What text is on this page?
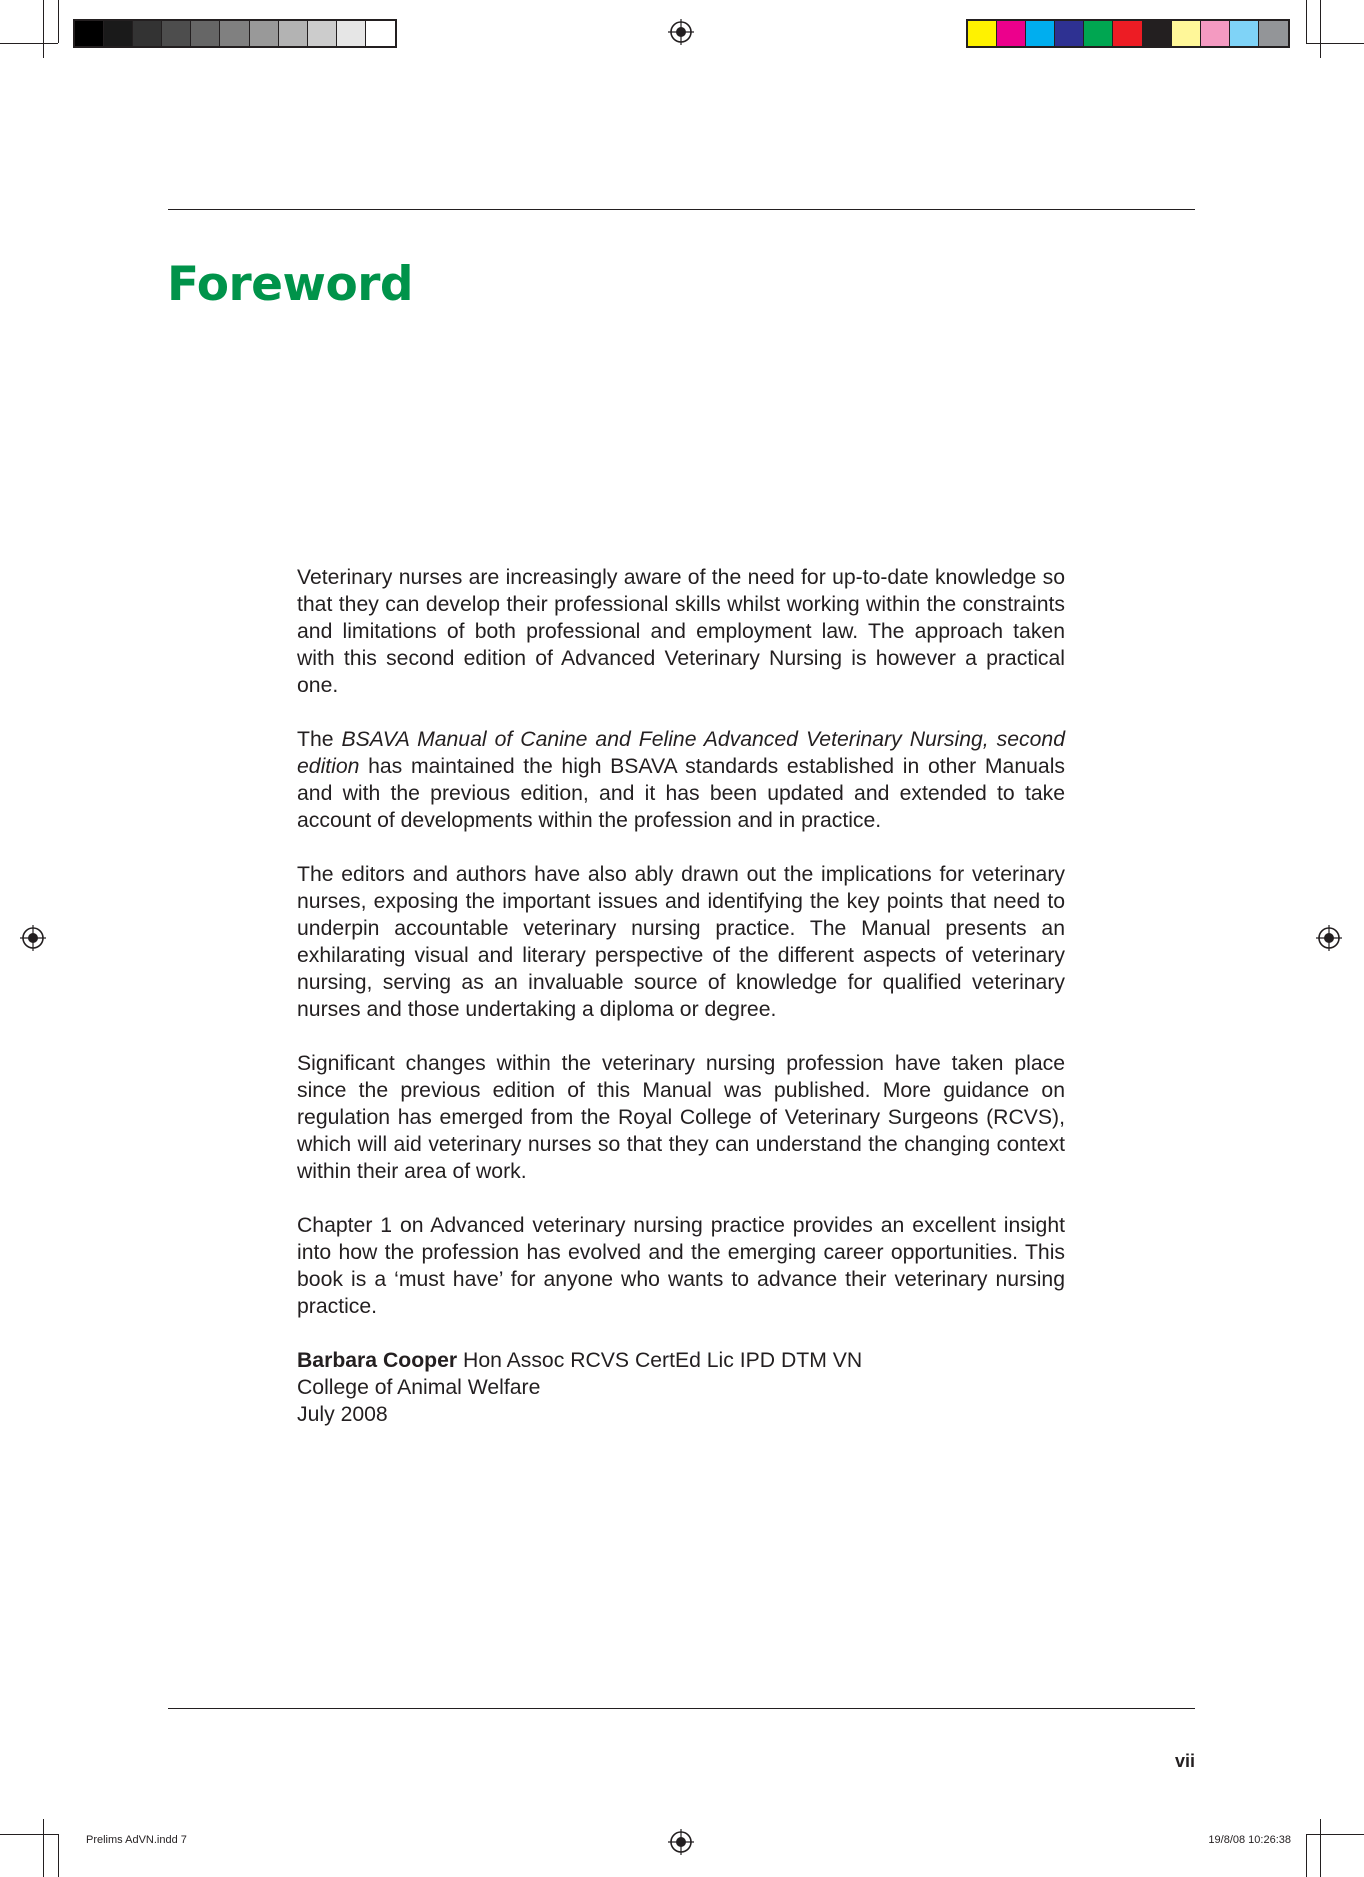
Foreword

Veterinary nurses are increasingly aware of the need for up-to-date knowledge so that they can develop their professional skills whilst working within the constraints and limitations of both professional and employment law. The approach taken with this second edition of Advanced Veterinary Nursing is however a practical one.

The BSAVA Manual of Canine and Feline Advanced Veterinary Nursing, second edition has maintained the high BSAVA standards established in other Manuals and with the previous edition, and it has been updated and extended to take account of developments within the profession and in practice.

The editors and authors have also ably drawn out the implications for veterinary nurses, exposing the important issues and identifying the key points that need to underpin accountable veterinary nursing practice. The Manual presents an exhilarating visual and literary perspective of the different aspects of veterinary nursing, serving as an invaluable source of knowledge for qualified veterinary nurses and those undertaking a diploma or degree.

Significant changes within the veterinary nursing profession have taken place since the previous edition of this Manual was published. More guidance on regulation has emerged from the Royal College of Veterinary Surgeons (RCVS), which will aid veterinary nurses so that they can understand the changing context within their area of work.

Chapter 1 on Advanced veterinary nursing practice provides an excellent insight into how the profession has evolved and the emerging career opportunities. This book is a ‘must have’ for anyone who wants to advance their veterinary nursing practice.

Barbara Cooper Hon Assoc RCVS CertEd Lic IPD DTM VN
College of Animal Welfare
July 2008
vii
Prelims AdVN.indd 7	19/8/08 10:26:38
